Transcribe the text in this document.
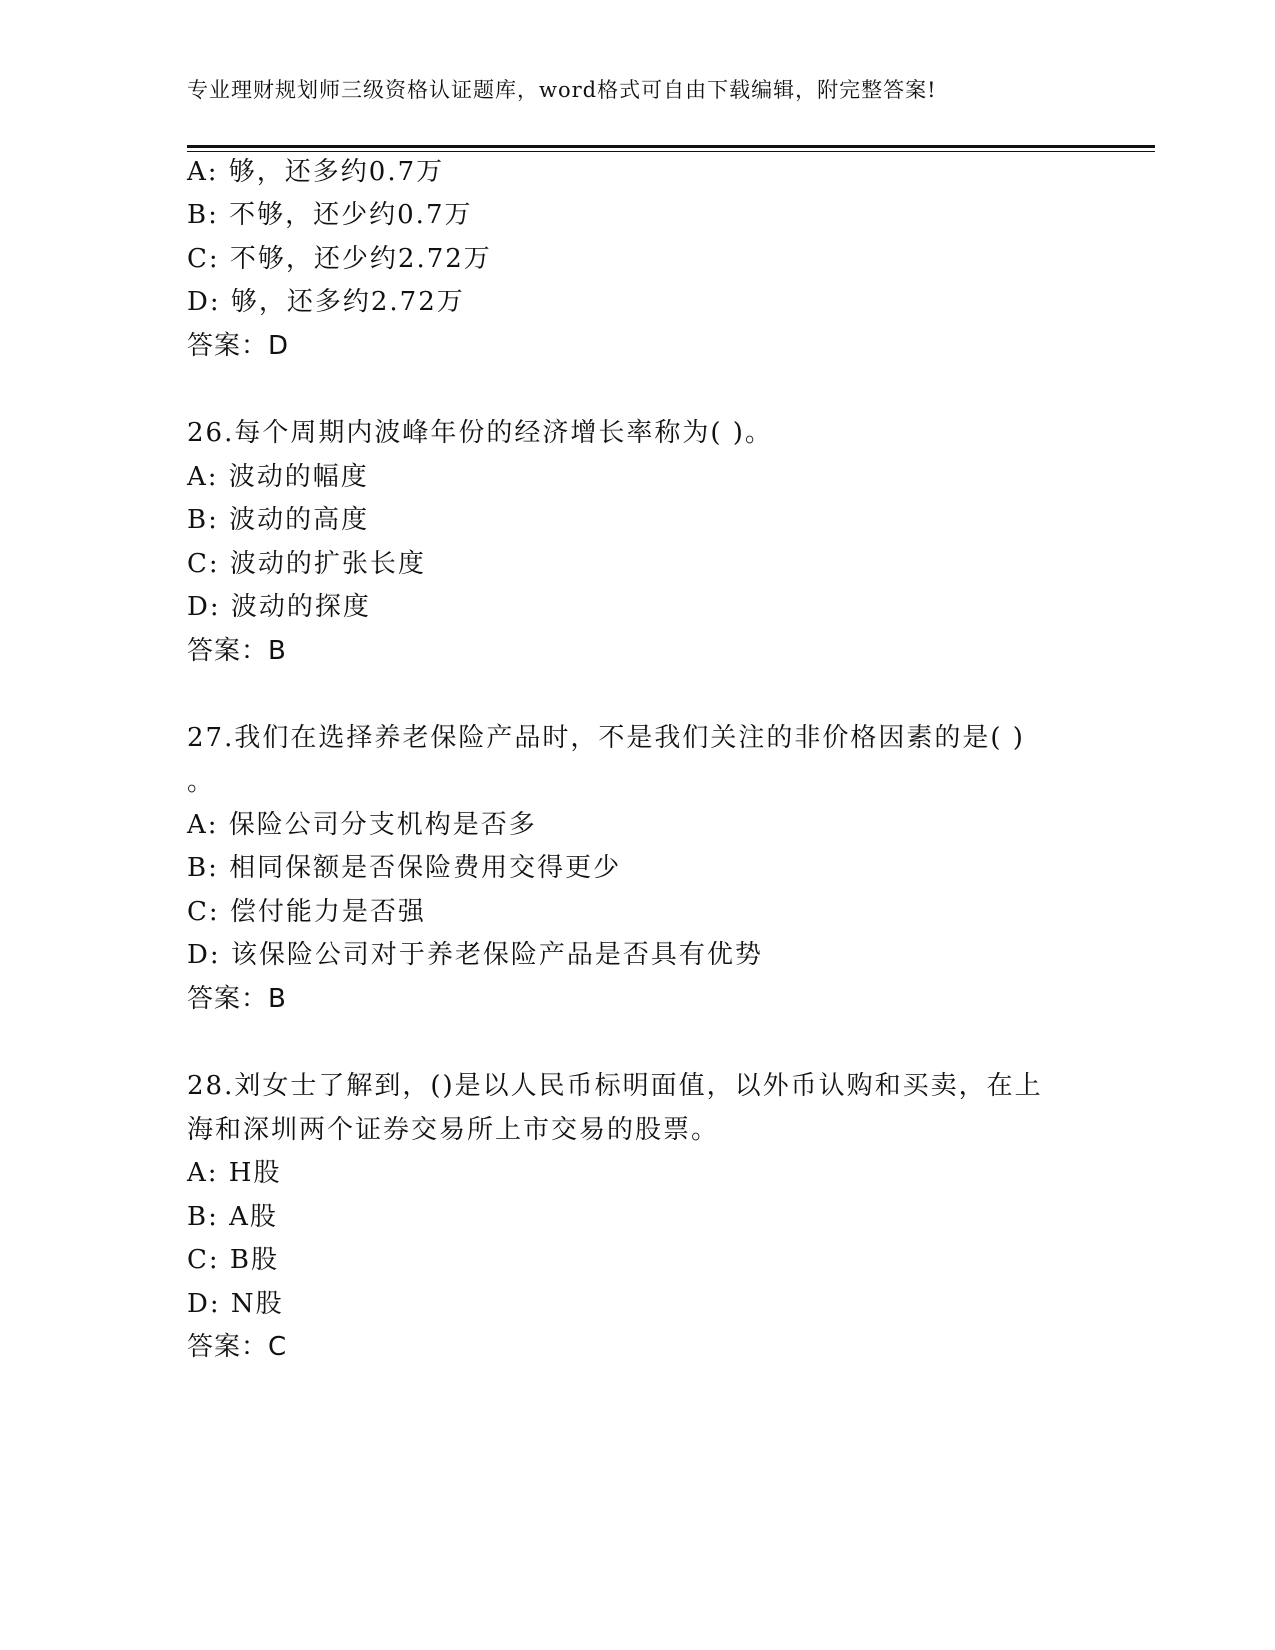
专业理财规划师三级资格认证题库，word格式可自由下载编辑，附完整答案!
A: 够，还多约0.7万
B: 不够，还少约0.7万
C: 不够，还少约2.72万
D: 够，还多约2.72万
答案：D
26.每个周期内波峰年份的经济增长率称为( )。
A: 波动的幅度
B: 波动的高度
C: 波动的扩张长度
D: 波动的探度
答案：B
27.我们在选择养老保险产品时，不是我们关注的非价格因素的是( )
。
A: 保险公司分支机构是否多
B: 相同保额是否保险费用交得更少
C: 偿付能力是否强
D: 该保险公司对于养老保险产品是否具有优势
答案：B
28.刘女士了解到，()是以人民币标明面值，以外币认购和买卖，在上
海和深圳两个证券交易所上市交易的股票。
A: H股
B: A股
C: B股
D: N股
答案：C
